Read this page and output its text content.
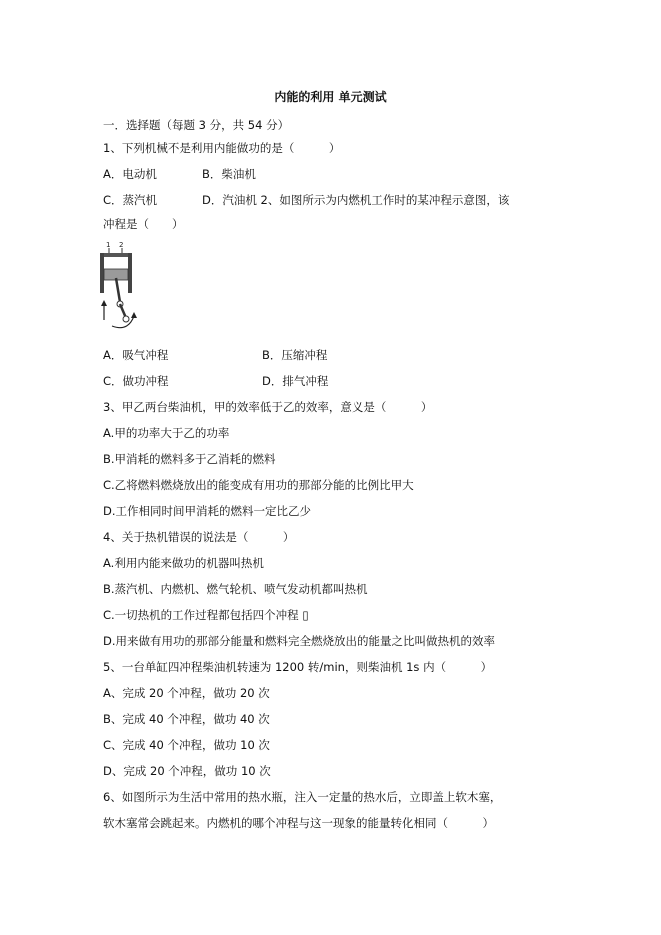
内能的利用 单元测试
一．选择题（每题 3 分，共 54 分）
1、下列机械不是利用内能做功的是（　　　）
A．电动机	B．柴油机
C．蒸汽机	D．汽油机 2、如图所示为内燃机工作时的某冲程示意图，该
冲程是（　　）
1 2
A．吸气冲程	B．压缩冲程
C．做功冲程	D．排气冲程
3、甲乙两台柴油机，甲的效率低于乙的效率，意义是（　　　）
A.甲的功率大于乙的功率
B.甲消耗的燃料多于乙消耗的燃料
C.乙将燃料燃烧放出的能变成有用功的那部分能的比例比甲大
D.工作相同时间甲消耗的燃料一定比乙少
4、关于热机错误的说法是（　　　）
A.利用内能来做功的机器叫热机
B.蒸汽机、内燃机、燃气轮机、喷气发动机都叫热机
C.一切热机的工作过程都包括四个冲程 ▯
D.用来做有用功的那部分能量和燃料完全燃烧放出的能量之比叫做热机的效率
5、一台单缸四冲程柴油机转速为 1200 转/min，则柴油机 1s 内（　　　）
A、完成 20 个冲程，做功 20 次
B、完成 40 个冲程，做功 40 次
C、完成 40 个冲程，做功 10 次
D、完成 20 个冲程，做功 10 次
6、如图所示为生活中常用的热水瓶，注入一定量的热水后，立即盖上软木塞，
软木塞常会跳起来。内燃机的哪个冲程与这一现象的能量转化相同（　　　）
